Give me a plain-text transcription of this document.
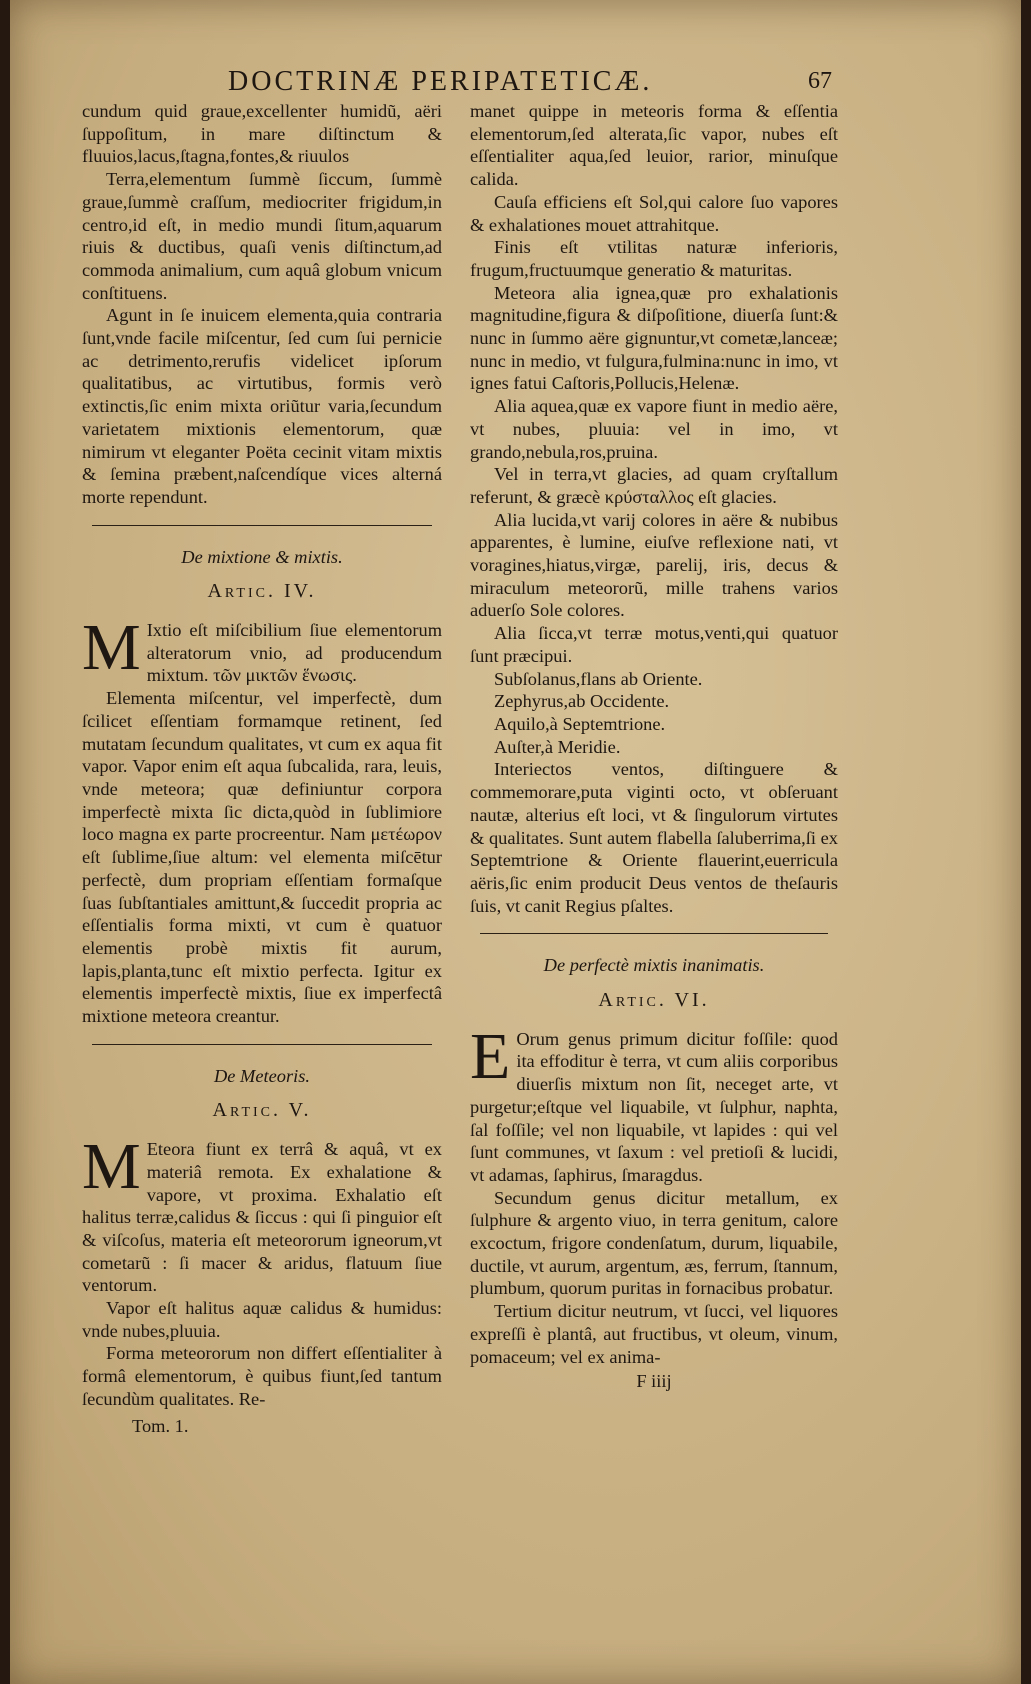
DOCTRINÆ PERIPATETICÆ.	67

cundum quid graue,excellenter humidũ, aëri ſuppoſitum, in mare diſtinctum & fluuios,lacus,ſtagna,fontes,& riuulos

Terra,elementum ſummè ſiccum, ſummè graue,ſummè craſſum, mediocriter frigidum,in centro,id eſt, in medio mundi ſitum,aquarum riuis & ductibus, quaſi venis diſtinctum,ad commoda animalium, cum aquâ globum vnicum conſtituens.

Agunt in ſe inuicem elementa,quia contraria ſunt,vnde facile miſcentur, ſed cum ſui pernicie ac detrimento,rerufis videlicet ipſorum qualitatibus, ac virtutibus, formis verò extinctis,ſic enim mixta oriũtur varia,ſecundum varietatem mixtionis elementorum, quæ nimirum vt eleganter Poëta cecinit vitam mixtis & ſemina præbent,naſcendíque vices alterná morte rependunt.

De mixtione & mixtis.
Artic. IV.

M Ixtio eſt miſcibilium ſiue elementorum alteratorum vnio, ad producendum mixtum. τῶν μικτῶν ἕνωσις.

Elementa miſcentur, vel imperfectè, dum ſcilicet eſſentiam formamque retinent, ſed mutatam ſecundum qualitates, vt cum ex aqua fit vapor. Vapor enim eſt aqua ſubcalida, rara, leuis, vnde meteora; quæ definiuntur corpora imperfectè mixta ſic dicta,quòd in ſublimiore loco magna ex parte procreentur. Nam μετέωρον eſt ſublime,ſiue altum: vel elementa miſcētur perfectè, dum propriam eſſentiam formaſque ſuas ſubſtantiales amittunt,& ſuccedit propria ac eſſentialis forma mixti, vt cum è quatuor elementis probè mixtis fit aurum, lapis,planta,tunc eſt mixtio perfecta. Igitur ex elementis imperfectè mixtis, ſiue ex imperfectâ mixtione meteora creantur.

De Meteoris.
Artic. V.

M Eteora fiunt ex terrâ & aquâ, vt ex materiâ remota. Ex exhalatione & vapore, vt proxima. Exhalatio eſt halitus terræ,calidus & ſiccus : qui ſi pinguior eſt & viſcoſus, materia eſt meteororum igneorum,vt cometarũ : ſi macer & aridus, flatuum ſiue ventorum.

Vapor eſt halitus aquæ calidus & humidus: vnde nubes,pluuia.

Forma meteororum non differt eſſentialiter à formâ elementorum, è quibus fiunt,ſed tantum ſecundùm qualitates. Re-

Tom. 1.

manet quippe in meteoris forma & eſſentia elementorum,ſed alterata,ſic vapor, nubes eſt eſſentialiter aqua,ſed leuior, rarior, minuſque calida.

Cauſa efficiens eſt Sol,qui calore ſuo vapores & exhalationes mouet attrahitque.

Finis eſt vtilitas naturæ inferioris, frugum,fructuumque generatio & maturitas.

Meteora alia ignea,quæ pro exhalationis magnitudine,figura & diſpoſitione, diuerſa ſunt:& nunc in ſummo aëre gignuntur,vt cometæ,lanceæ; nunc in medio, vt fulgura,fulmina:nunc in imo, vt ignes fatui Caſtoris,Pollucis,Helenæ.

Alia aquea,quæ ex vapore fiunt in medio aëre, vt nubes, pluuia: vel in imo, vt grando,nebula,ros,pruina.

Vel in terra,vt glacies, ad quam cryſtallum referunt, & græcè κρύσταλλος eſt glacies.

Alia lucida,vt varij colores in aëre & nubibus apparentes, è lumine, eiuſve reflexione nati, vt voragines,hiatus,virgæ, parelij, iris, decus & miraculum meteororũ, mille trahens varios aduerſo Sole colores.

Alia ſicca,vt terræ motus,venti,qui quatuor ſunt præcipui.

Subſolanus,flans ab Oriente.

Zephyrus,ab Occidente.

Aquilo,à Septemtrione.

Auſter,à Meridie.

Interiectos ventos, diſtinguere & commemorare,puta viginti octo, vt obſeruant nautæ, alterius eſt loci, vt & ſingulorum virtutes & qualitates. Sunt autem flabella ſaluberrima,ſi ex Septemtrione & Oriente flauerint,euerricula aëris,ſic enim producit Deus ventos de theſauris ſuis, vt canit Regius pſaltes.

De perfectè mixtis inanimatis.
Artic. VI.

E Orum genus primum dicitur foſſile: quod ita effoditur è terra, vt cum aliis corporibus diuerſis mixtum non ſit, neceget arte, vt purgetur;eſtque vel liquabile, vt ſulphur, naphta, ſal foſſile; vel non liquabile, vt lapides : qui vel ſunt communes, vt ſaxum : vel pretioſi & lucidi, vt adamas, ſaphirus, ſmaragdus.

Secundum genus dicitur metallum, ex ſulphure & argento viuo, in terra genitum, calore excoctum, frigore condenſatum, durum, liquabile, ductile, vt aurum, argentum, æs, ferrum, ſtannum, plumbum, quorum puritas in fornacibus probatur.

Tertium dicitur neutrum, vt ſucci, vel liquores expreſſi è plantâ, aut fructibus, vt oleum, vinum, pomaceum; vel ex anima-

F iiij
